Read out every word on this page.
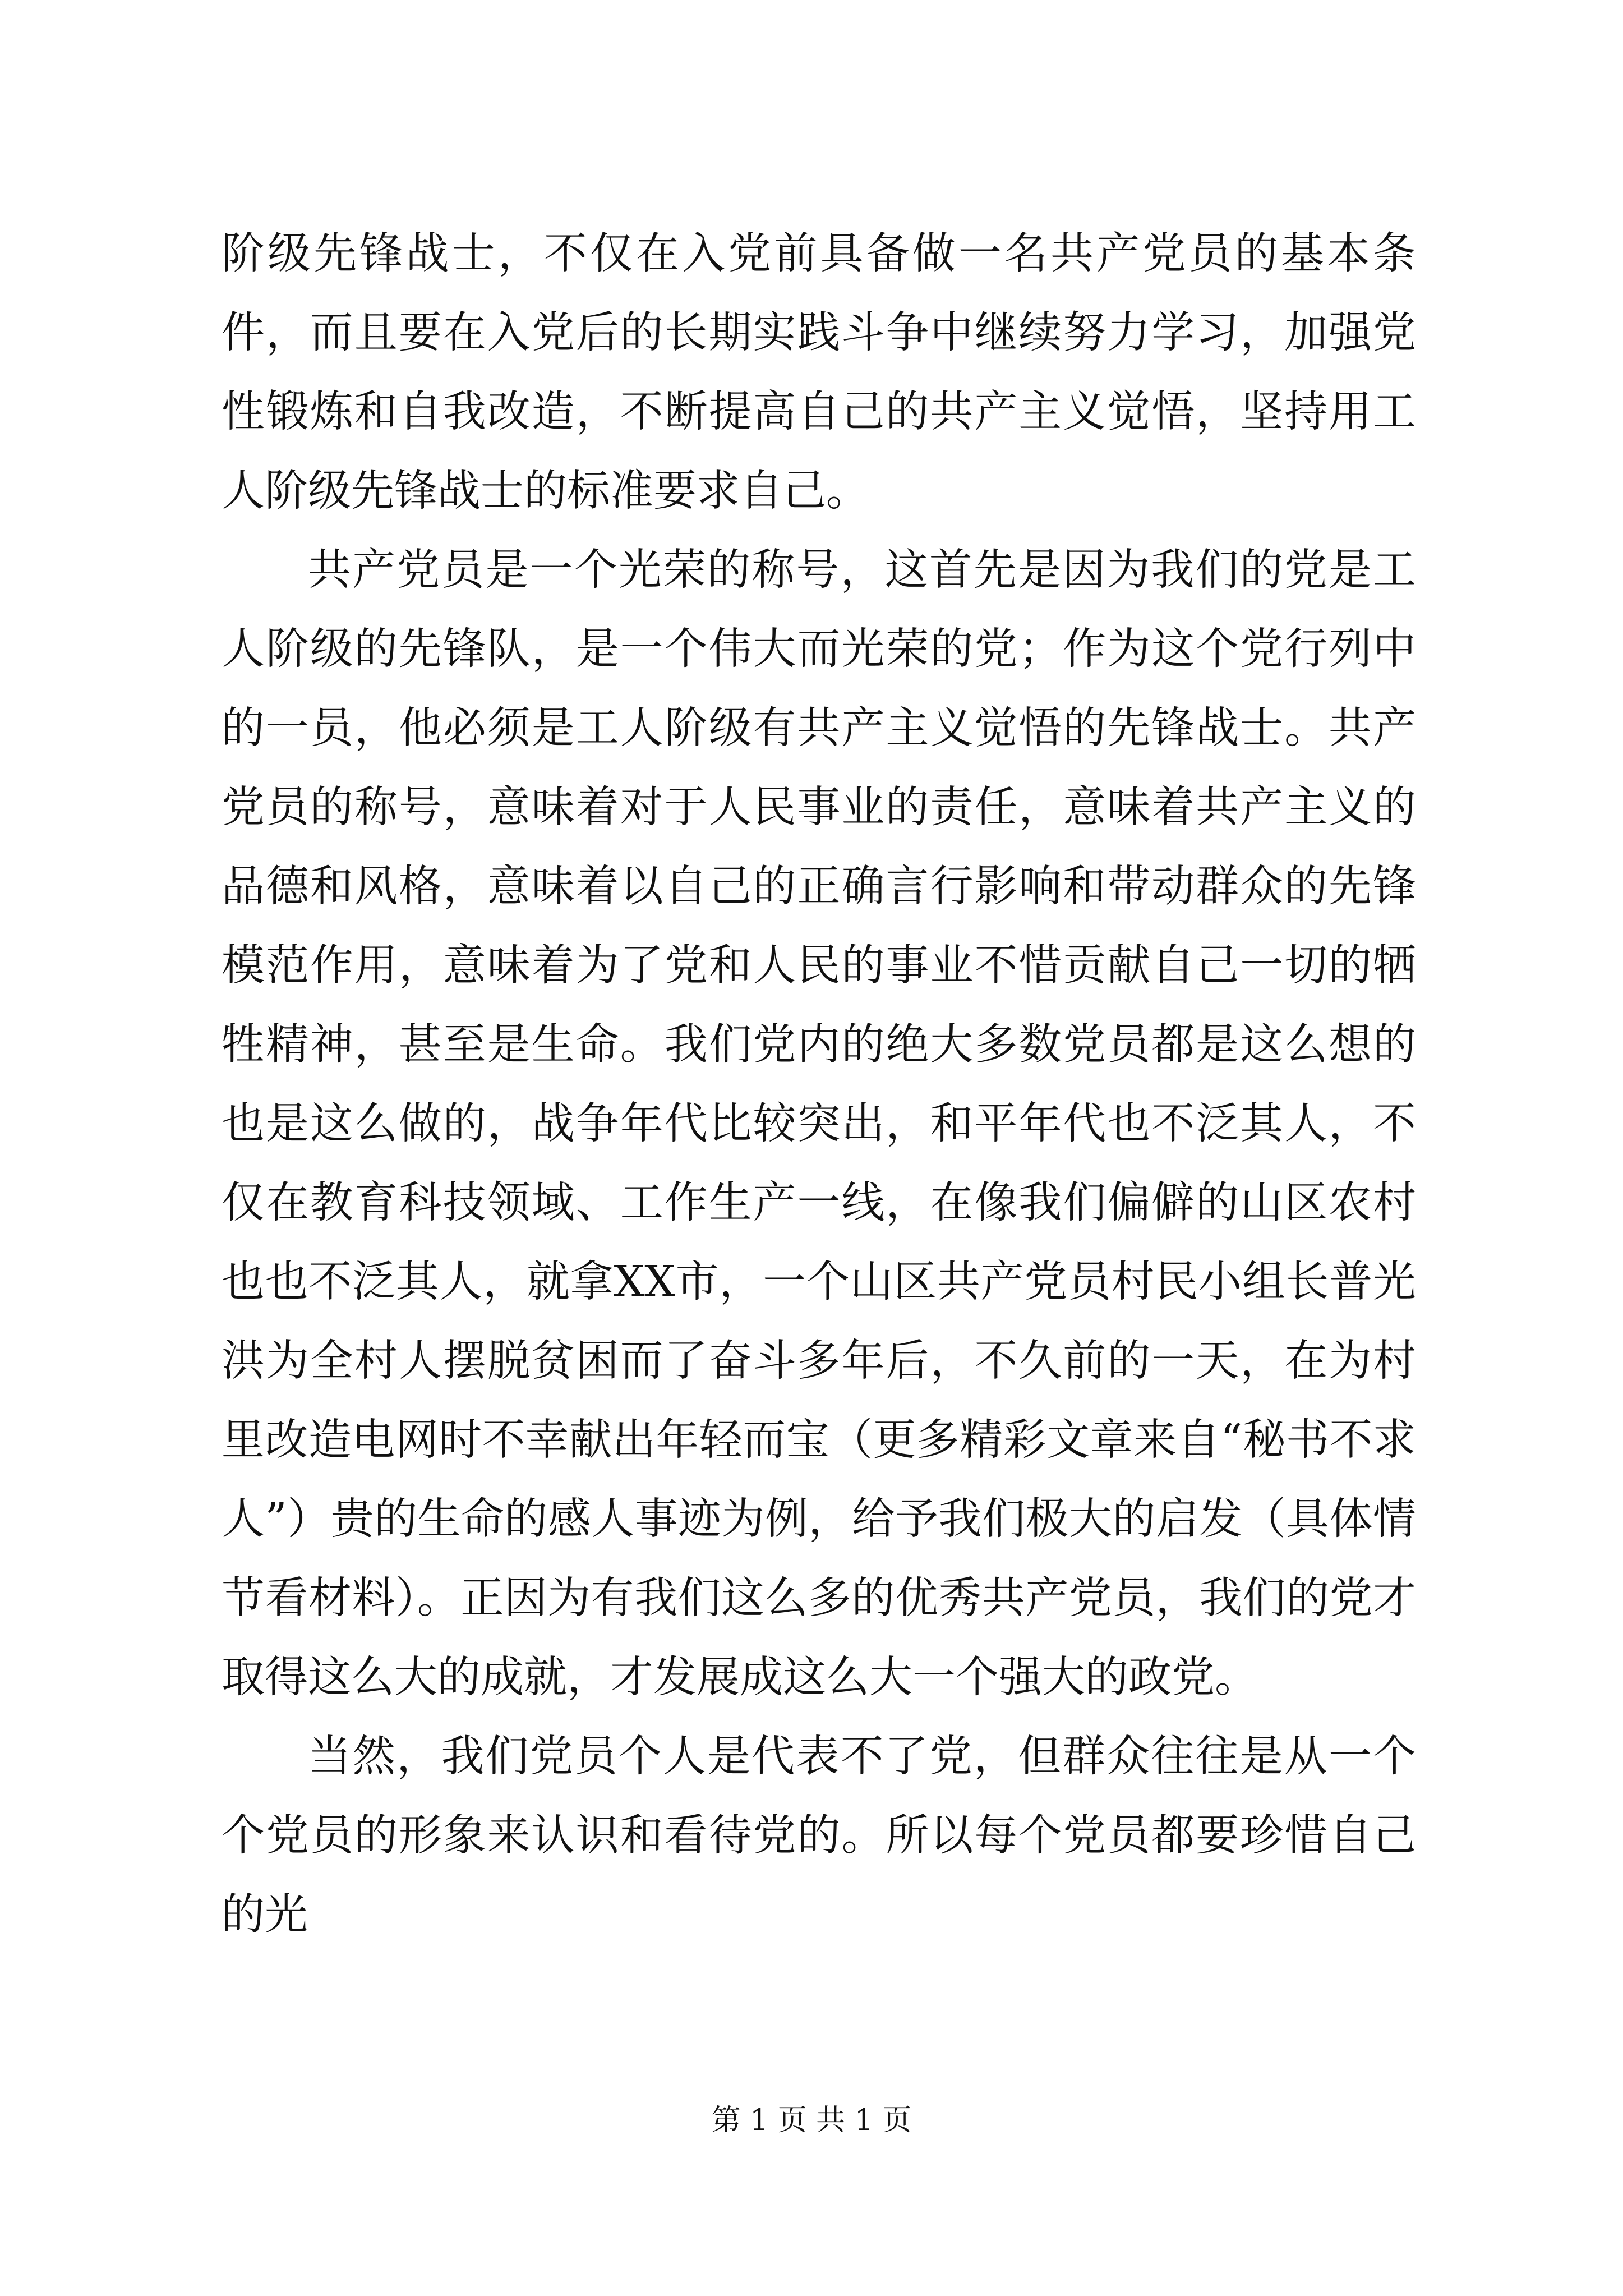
阶级先锋战士，不仅在入党前具备做一名共产党员的基本条件，而且要在入党后的长期实践斗争中继续努力学习，加强党性锻炼和自我改造，不断提高自己的共产主义觉悟，坚持用工人阶级先锋战士的标准要求自己。

共产党员是一个光荣的称号，这首先是因为我们的党是工人阶级的先锋队，是一个伟大而光荣的党；作为这个党行列中的一员，他必须是工人阶级有共产主义觉悟的先锋战士。共产党员的称号，意味着对于人民事业的责任，意味着共产主义的品德和风格，意味着以自己的正确言行影响和带动群众的先锋模范作用，意味着为了党和人民的事业不惜贡献自己一切的牺牲精神，甚至是生命。我们党内的绝大多数党员都是这么想的也是这么做的，战争年代比较突出，和平年代也不泛其人，不仅在教育科技领域、工作生产一线，在像我们偏僻的山区农村也也不泛其人，就拿XX市，一个山区共产党员村民小组长普光洪为全村人摆脱贫困而了奋斗多年后，不久前的一天，在为村里改造电网时不幸献出年轻而宝（更多精彩文章来自“秘书不求人”）贵的生命的感人事迹为例，给予我们极大的启发（具体情节看材料）。正因为有我们这么多的优秀共产党员，我们的党才取得这么大的成就，才发展成这么大一个强大的政党。

当然，我们党员个人是代表不了党，但群众往往是从一个个党员的形象来认识和看待党的。所以每个党员都要珍惜自己的光

第 1 页 共 1 页
